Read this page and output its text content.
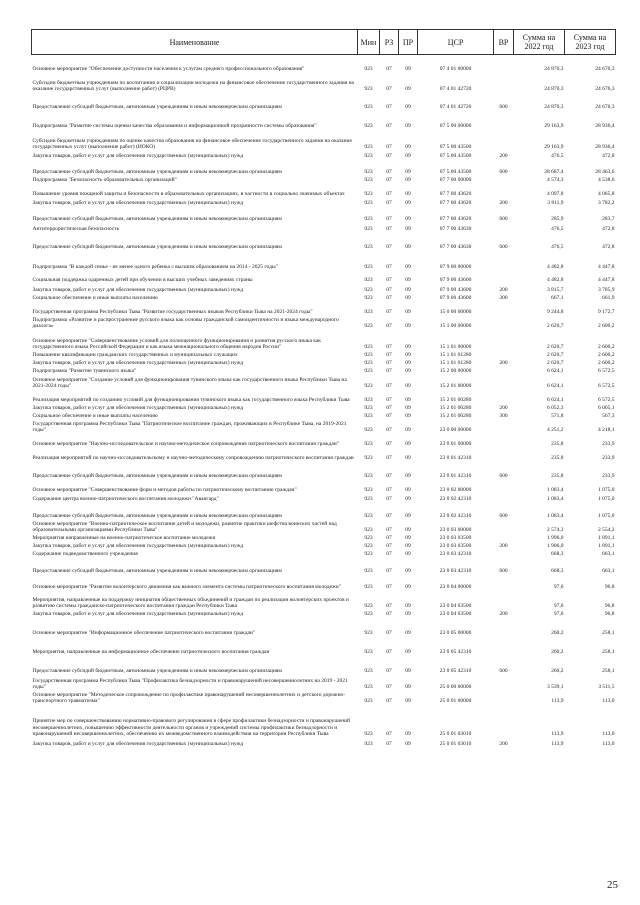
Наименование	Мин	РЗ	ПР	ЦСР	ВР	Сумма на 2022 год	Сумма на 2023 год
Основное мероприятие "Обеспечение доступности населения к услугам среднего профессионального образования"	923	07	09	07 4 01 00000		24 870,3	24 676,3
Субсидии бюджетным учреждениям по воспитанию и социализации молодежи на финансовое обеспечение государственного задания на оказание государственных услуг (выполнение работ) (РЦРВ)	923	07	09	07 4 01 42720		24 870,3	24 676,3
Предоставление субсидий бюджетным, автономным учреждениям и иным некоммерческим организациям	923	07	09	07 4 01 42720	600	24 870,3	24 676,3
Подпрограмма "Развитие системы оценки качества образования и информационной прозрачности системы образования"	923	07	09	07 5 00 00000		29 163,9	28 936,4
Субсидии бюджетным учреждениям по оценке качества образования на финансовое обеспечение государственного задания на оказание государственных услуг (выполнение работ) (ИОКО)	923	07	09	07 5 00 43500		29 163,9	28 936,4
Закупка товаров, работ и услуг для обеспечения государственных (муниципальных) нужд	923	07	09	07 5 00 43500	200	476,5	472,8
Предоставление субсидий бюджетным, автономным учреждениям и иным некоммерческим организациям	923	07	09	07 5 00 43500	600	28 687,4	28 463,6
Подпрограмма "Безопасность образовательных организаций"	923	07	09	07 7 00 00000		4 574,3	4 538,6
Повышение уровня пожарной защиты и безопасности в образовательных организациях, в частности в социально значимых объектах	923	07	09	07 7 00 43620		4 097,8	4 065,8
Закупка товаров, работ и услуг для обеспечения государственных (муниципальных) нужд	923	07	09	07 7 00 43620	200	3 811,9	3 782,2
Предоставление субсидий бюджетным, автономным учреждениям и иным некоммерческим организациям	923	07	09	07 7 00 43620	600	285,9	283,7
Антитеррористическая безопасность	923	07	09	07 7 00 43630		476,5	472,8
Предоставление субсидий бюджетным, автономным учреждениям и иным некоммерческим организациям	923	07	09	07 7 00 43630	600	476,5	472,8
Подпрограмма "В каждой семье - не менее одного ребенка с высшим образованием на 2014 - 2025 годы"	923	07	09	07 9 00 00000		4 482,8	4 447,8
Социальная поддержка одаренных детей при обучении в высших учебных заведениях страны	923	07	09	07 9 00 43600		4 482,8	4 447,8
Закупка товаров, работ и услуг для обеспечения государственных (муниципальных) нужд	923	07	09	07 9 00 43600	200	3 815,7	3 785,9
Социальное обеспечение и иные выплаты населению	923	07	09	07 9 00 43600	300	667,1	661,9
Государственная программа Республики Тыва "Развитие государственных языков Республики Тыва на 2021-2024 годы"	923	07	09	15 0 00 00000		9 244,8	9 172,7
Подпрограмма «Развитие и распространение русского языка как основы гражданской самоидентичности и языка международного диалога»	923	07	09	15 1 00 00000		2 620,7	2 600,2
Основное мероприятие "Совершенствование условий для полноценного функционирования и развития русского языка как государственного языка Российской Федерации и как языка межнационального общения народов России"	923	07	09	15 1 01 00000		2 620,7	2 600,2
Повышение квалификации гражданских государственных и муниципальных служащих	923	07	09	15 1 01 01280		2 620,7	2 600,2
Закупка товаров, работ и услуг для обеспечения государственных (муниципальных) нужд	923	07	09	15 1 01 01280	200	2 620,7	2 600,2
Подпрограмма "Развитие тувинского языка"	923	07	09	15 2 00 00000		6 624,1	6 572,5
Основное мероприятие "Создание условий для функционирования тувинского языка как государственного языка Республики Тыва на 2021-2024 годы"	923	07	09	15 2 01 00000		6 624,1	6 572,5
Реализация мероприятий по созданию условий для функционирования тувинского языка как государственного языка Республики Тыва	923	07	09	15 2 01 00280		6 624,1	6 572,5
Закупка товаров, работ и услуг для обеспечения государственных (муниципальных) нужд	923	07	09	15 2 01 00280	200	6 052,3	6 005,1
Социальное обеспечение и иные выплаты населению	923	07	09	15 2 01 00280	300	571,8	567,3
Государственная программа Республики Тыва "Патриотическое воспитание граждан, проживающих в Республике Тыва, на 2019-2021 годы"	923	07	09	23 0 00 00000		4 251,2	4 218,1
Основное мероприятие "Научно-исследовательское и научно-методическое сопровождение патриотического воспитания граждан"	923	07	09	23 0 01 00000		235,8	233,9
Реализация мероприятий по научно-исследовательскому и научно-методическому сопровождению патриотического воспитания граждан	923	07	09	23 0 01 42310		235,8	233,9
Предоставление субсидий бюджетным, автономным учреждениям и иным некоммерческим организациям	923	07	09	23 0 01 42310	600	235,8	233,9
Основное мероприятие "Совершенствование форм и методов работы по патриотическому воспитанию граждан"	923	07	09	23 0 02 00000		1 083,4	1 075,0
Содержание центра военно-патриотического воспитания молодежи "Авангард"	923	07	09	23 0 02 42310		1 083,4	1 075,0
Предоставление субсидий бюджетным, автономным учреждениям и иным некоммерческим организациям	923	07	09	23 0 02 42310	600	1 083,4	1 075,0
Основное мероприятие "Военно-патриотическое воспитание детей и молодежи, развитие практики шефства воинских частей над образовательными организациями Республики Тыва"	923	07	09	23 0 03 00000		2 574,3	2 554,2
Мероприятия направленные на военно-патриотическое воспитание молодежи	923	07	09	23 0 03 03500		1 996,0	1 891,1
Закупка товаров, работ и услуг для обеспечения государственных (муниципальных) нужд	923	07	09	23 0 03 03500	200	1 906,0	1 891,1
Содержание подведомственного учреждения	923	07	09	23 0 03 42310		668,3	663,1
Предоставление субсидий бюджетным, автономным учреждениям и иным некоммерческим организациям	923	07	09	23 0 03 42310	600	668,3	663,1
Основное мероприятие "Развитие волонтерского движения как важного элемента системы патриотического воспитания молодежи"	923	07	09	23 0 04 00000		97,6	96,8
Мероприятия, направленные на поддержку инициатив общественных объединений и граждан по реализации волонтерских проектов и развитию системы гражданско-патриотического воспитания граждан Республики Тыва	923	07	09	23 0 04 03500		97,6	96,8
Закупка товаров, работ и услуг для обеспечения государственных (муниципальных) нужд	923	07	09	23 0 04 03500	200	97,6	96,8
Основное мероприятие "Информационное обеспечение патриотического воспитания граждан"	923	07	09	23 0 05 00000		260,2	258,1
Мероприятия, направленные на информационное обеспечение патриотического воспитания граждан	923	07	09	23 0 05 42310		260,2	258,1
Предоставление субсидий бюджетным, автономным учреждениям и иным некоммерческим организациям	923	07	09	23 0 05 42310	600	260,2	258,1
Государственная программа Республики Тыва "Профилактика безнадзорности и правонарушений несовершеннолетних на 2019 - 2021 годы"	923	07	09	25 0 00 00000		3 539,1	3 511,5
Основное мероприятие "Методическое сопровождение по профилактике правонарушений несовершеннолетних и детского дорожно-транспортного травматизма"	923	07	09	25 0 01 00000		113,9	113,0
Принятие мер по совершенствованию нормативно-правового регулирования в сфере профилактики безнадзорности и правонарушений несовершеннолетних, повышению эффективности деятельности органов и учреждений системы профилактики безнадзорности и правонарушений несовершеннолетних, обеспечению их межведомственного взаимодействия на территории Республики Тыва	923	07	09	25 0 01 03010		113,9	113,0
Закупка товаров, работ и услуг для обеспечения государственных (муниципальных) нужд	923	07	09	25 0 01 03010	200	113,9	113,0
25
